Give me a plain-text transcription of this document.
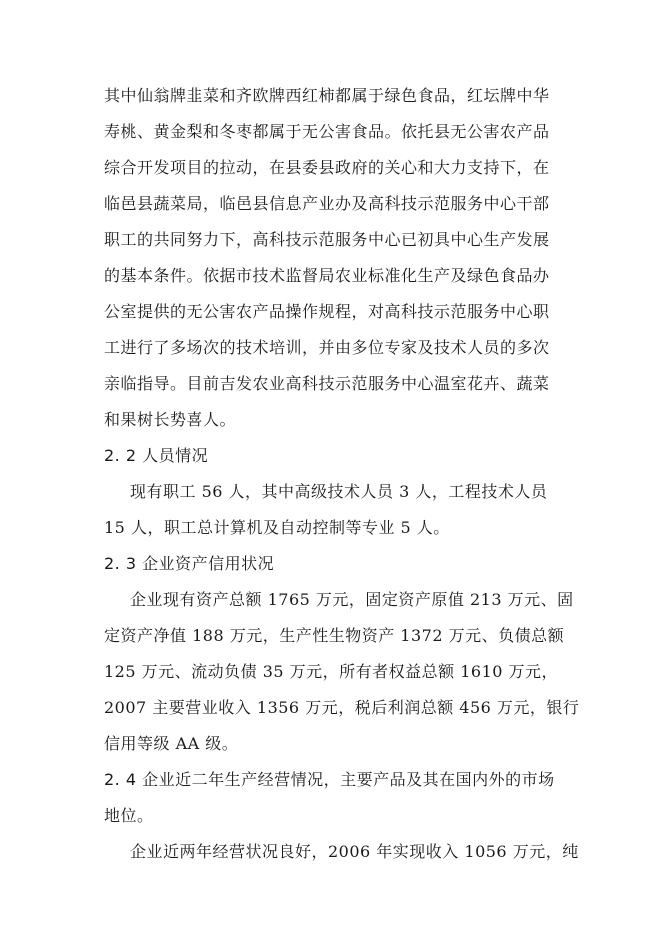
其中仙翁牌韭菜和齐欧牌西红柿都属于绿色食品，红坛牌中华
寿桃、黄金梨和冬枣都属于无公害食品。依托县无公害农产品
综合开发项目的拉动，在县委县政府的关心和大力支持下，在
临邑县蔬菜局，临邑县信息产业办及高科技示范服务中心干部
职工的共同努力下，高科技示范服务中心已初具中心生产发展
的基本条件。依据市技术监督局农业标准化生产及绿色食品办
公室提供的无公害农产品操作规程，对高科技示范服务中心职
工进行了多场次的技术培训，并由多位专家及技术人员的多次
亲临指导。目前吉发农业高科技示范服务中心温室花卉、蔬菜
和果树长势喜人。
2. 2 人员情况
现有职工 56 人，其中高级技术人员 3 人，工程技术人员
15 人，职工总计算机及自动控制等专业 5 人。
2. 3 企业资产信用状况
企业现有资产总额 1765 万元，固定资产原值 213 万元、固
定资产净值 188 万元，生产性生物资产 1372 万元、负债总额
125 万元、流动负债 35 万元，所有者权益总额 1610 万元，
2007 主要营业收入 1356 万元，税后利润总额 456 万元，银行
信用等级 AA 级。
2. 4 企业近二年生产经营情况，主要产品及其在国内外的市场
地位。
企业近两年经营状况良好，2006 年实现收入 1056 万元，纯
